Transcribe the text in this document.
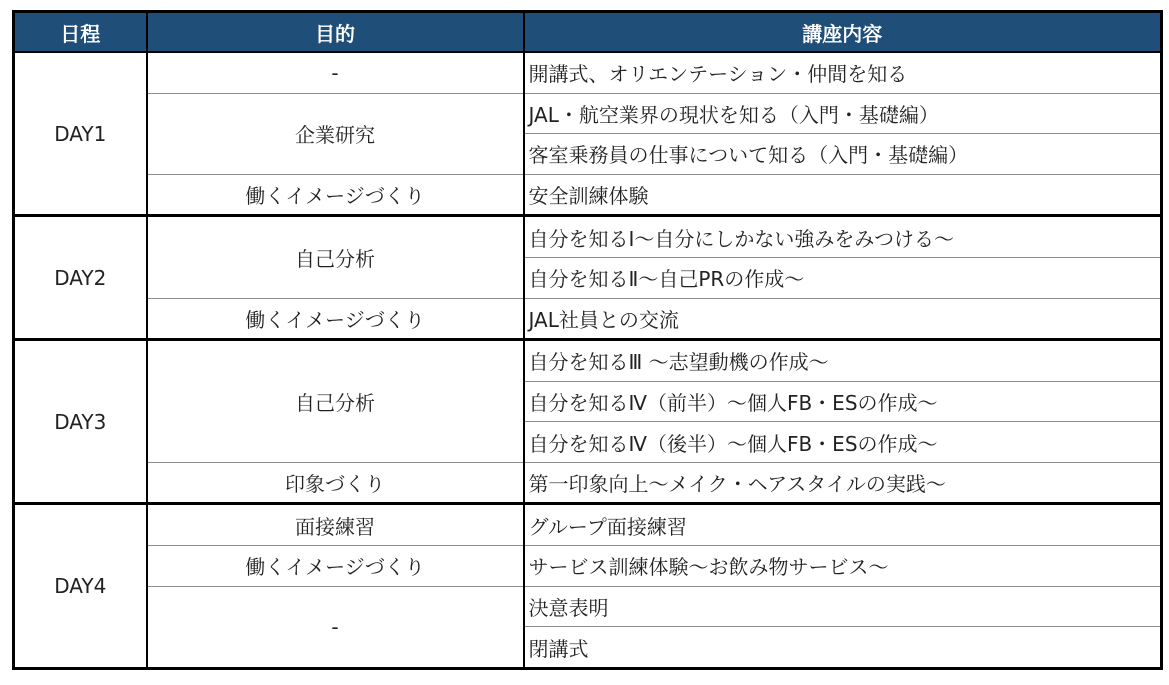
日程	目的	講座内容
DAY1	-	開講式、オリエンテーション・仲間を知る
	企業研究	JAL・航空業界の現状を知る（入門・基礎編）
		客室乗務員の仕事について知る（入門・基礎編）
	働くイメージづくり	安全訓練体験
DAY2	自己分析	自分を知るⅠ～自分にしかない強みをみつける～
		自分を知るⅡ～自己PRの作成～
	働くイメージづくり	JAL社員との交流
DAY3	自己分析	自分を知るⅢ ～志望動機の作成～
		自分を知るⅣ（前半）～個人FB・ESの作成～
		自分を知るⅣ（後半）～個人FB・ESの作成～
	印象づくり	第一印象向上～メイク・ヘアスタイルの実践～
DAY4	面接練習	グループ面接練習
	働くイメージづくり	サービス訓練体験～お飲み物サービス～
	-	決意表明
		閉講式
